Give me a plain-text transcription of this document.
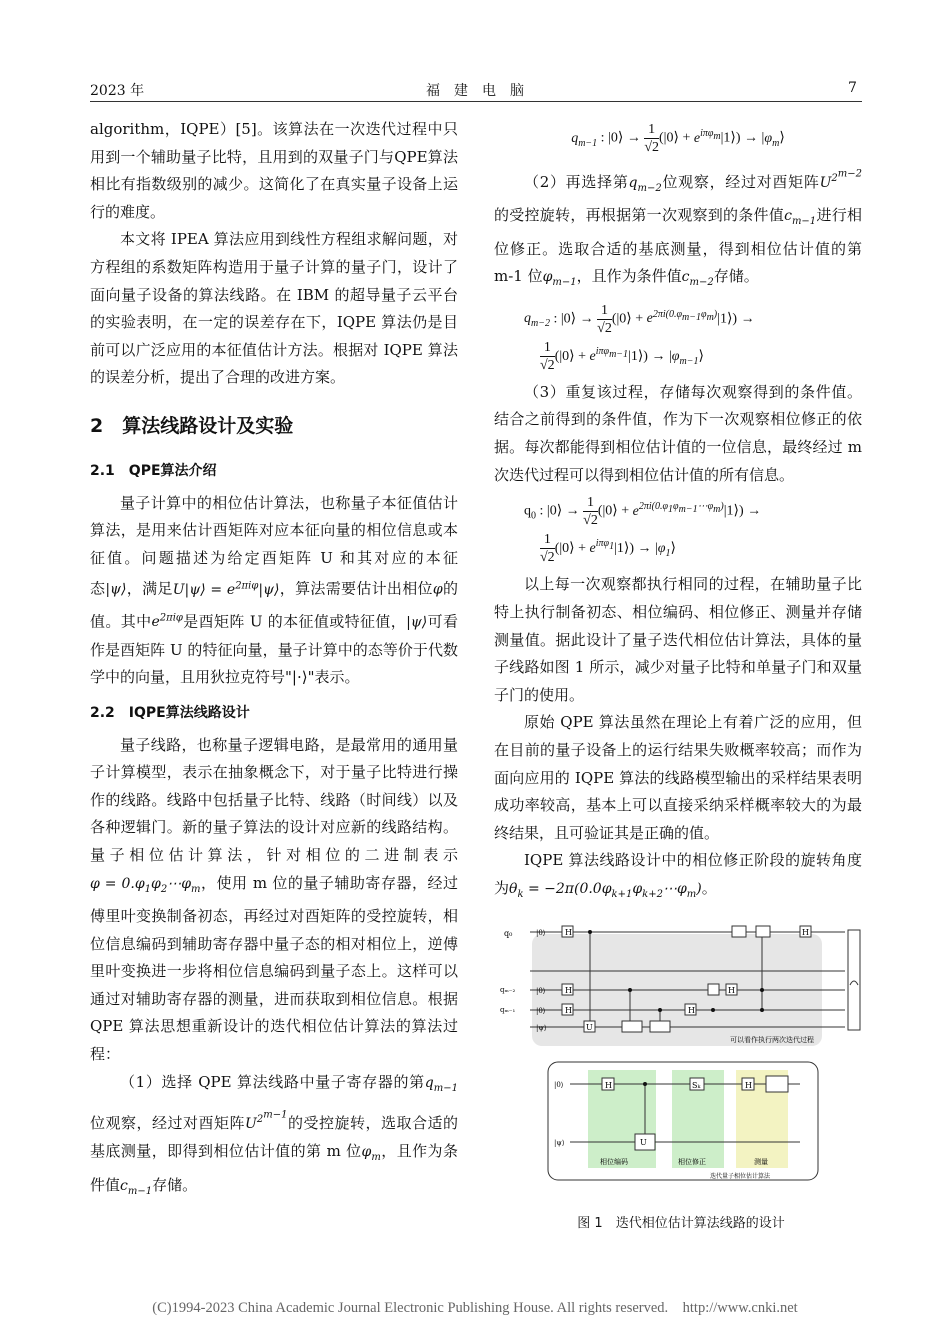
2023 年	福　建　电　脑	7

algorithm，IQPE）[5]。该算法在一次迭代过程中只用到一个辅助量子比特，且用到的双量子门与QPE算法相比有指数级别的减少。这简化了在真实量子设备上运行的难度。

本文将 IPEA 算法应用到线性方程组求解问题，对方程组的系数矩阵构造用于量子计算的量子门，设计了面向量子设备的算法线路。在 IBM 的超导量子云平台的实验表明，在一定的误差存在下，IQPE 算法仍是目前可以广泛应用的本征值估计方法。根据对 IQPE 算法的误差分析，提出了合理的改进方案。

2　算法线路设计及实验

2.1　QPE算法介绍

量子计算中的相位估计算法，也称量子本征值估计算法，是用来估计酉矩阵对应本征向量的相位信息或本征值。问题描述为给定酉矩阵 U 和其对应的本征态|ψ⟩，满足U|ψ⟩ = $e^{2\pi i\varphi}|\psi⟩$，算法需要估计出相位φ的值。其中$e^{2\pi i\varphi}$是酉矩阵 U 的本征值或特征值，|ψ⟩可看作是酉矩阵 U 的特征向量，量子计算中的态等价于代数学中的向量，且用狄拉克符号"|·⟩"表示。

2.2　IQPE算法线路设计

量子线路，也称量子逻辑电路，是最常用的通用量子计算模型，表示在抽象概念下，对于量子比特进行操作的线路。线路中包括量子比特、线路（时间线）以及各种逻辑门。新的量子算法的设计对应新的线路结构。量子相位估计算法，针对相位的二进制表示$\varphi = 0.\varphi_1\varphi_2\cdots\varphi_m$，使用 m 位的量子辅助寄存器，经过傅里叶变换制备初态，再经过对酉矩阵的受控旋转，相位信息编码到辅助寄存器中量子态的相对相位上，逆傅里叶变换进一步将相位信息编码到量子态上。这样可以通过对辅助寄存器的测量，进而获取到相位信息。根据 QPE 算法思想重新设计的迭代相位估计算法的算法过程：

（1）选择 QPE 算法线路中量子寄存器的第$q_{m-1}$位观察，经过对酉矩阵$U^{2^{m-1}}$的受控旋转，选取合适的基底测量，即得到相位估计值的第 m 位$\varphi_m$，且作为条件值$c_{m-1}$存储。

$q_{m-1}$ : |0⟩ → $\frac{1}{√2}$ (|0⟩ + $e^{i\pi\varphi_m}|1⟩$) → $|\varphi_m⟩$

（2）再选择第$q_{m-2}$位观察，经过对酉矩阵$U^{2^{m-2}}$的受控旋转，再根据第一次观察到的条件值$c_{m-1}$进行相位修正。选取合适的基底测量，得到相位估计值的第 m-1 位$\varphi_{m-1}$，且作为条件值$c_{m-2}$存储。

$q_{m-2}$ : |0⟩ → $\frac{1}{√2}$ (|0⟩ + $e^{2\pi i(0.\varphi_{m-1}\varphi_m)}|1⟩$) →

$\frac{1}{√2}$ (|0⟩ + $e^{i\pi\varphi_{m-1}}|1⟩$) → $|\varphi_{m-1}⟩$

（3）重复该过程，存储每次观察得到的条件值。结合之前得到的条件值，作为下一次观察相位修正的依据。每次都能得到相位估计值的一位信息，最终经过 m 次迭代过程可以得到相位估计值的所有信息。

$q_0$ : |0⟩ → $\frac{1}{√2}$ (|0⟩ + $e^{2\pi i(0.\varphi_1\varphi_{m-1}\cdots\varphi_m)}|1⟩$) →

$\frac{1}{√2}$ (|0⟩ + $e^{i\pi\varphi_1}|1⟩$) → $|\varphi_1⟩$

以上每一次观察都执行相同的过程，在辅助量子比特上执行制备初态、相位编码、相位修正、测量并存储测量值。据此设计了量子迭代相位估计算法，具体的量子线路如图 1 所示，减少对量子比特和单量子门和双量子门的使用。

原始 QPE 算法虽然在理论上有着广泛的应用，但在目前的量子设备上的运行结果失败概率较高；而作为面向应用的 IQPE 算法的线路模型输出的采样结果表明成功率较高，基本上可以直接采纳采样概率较大的为最终结果，且可验证其是正确的值。

IQPE 算法线路设计中的相位修正阶段的旋转角度为$\theta_k$ = $-2\pi(0.0\varphi_{k+1}\varphi_{k+2}\cdots\varphi_m)$。

q₀
qₘ₋₂
qₘ₋₁
|0⟩
|0⟩
|0⟩
|ψ⟩
H
H
H
U
H
H
H
可以看作执行两次迭代过程
H
U
Sₖ	H
|0⟩
|ψ⟩
相位编码	相位修正	测量
迭代量子相位估计算法
图 1　迭代相位估计算法线路的设计
(C)1994-2023 China Academic Journal Electronic Publishing House. All rights reserved.　http://www.cnki.net
